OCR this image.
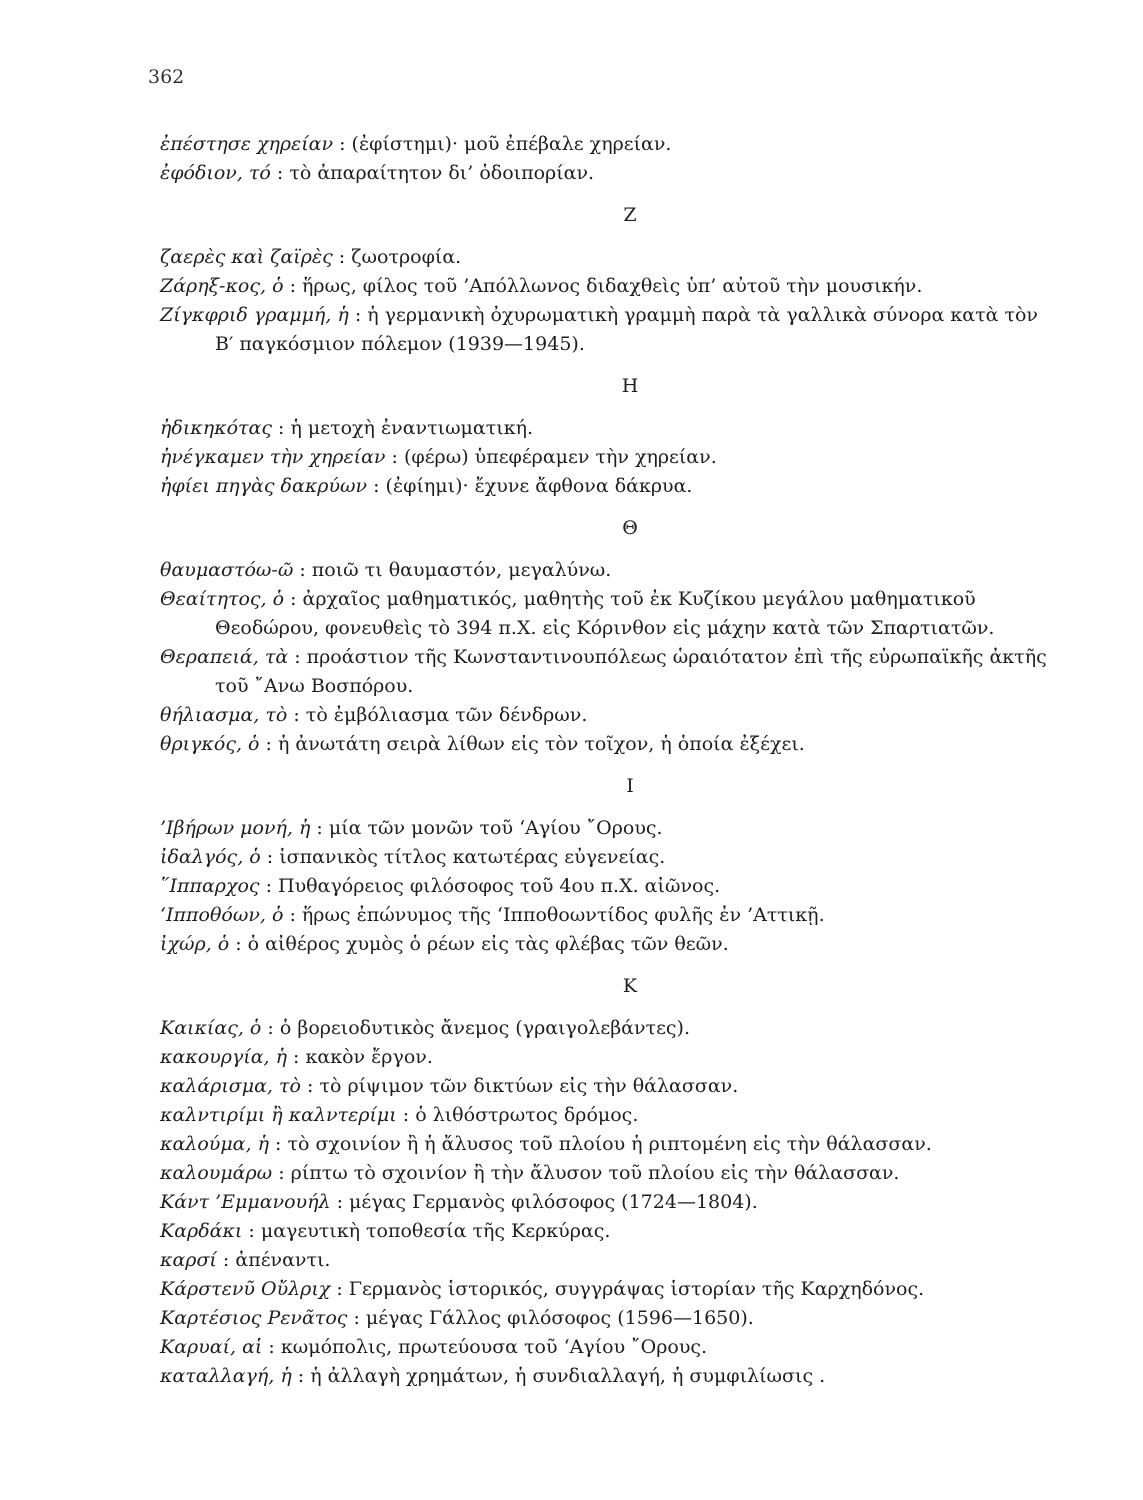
362
ἐπέστησε χηρείαν : (ἐφίστημι)· μοῦ ἐπέβαλε χηρείαν.
ἐφόδιον, τό : τὸ ἀπαραίτητον δι’ ὁδοιπορίαν.
Ζ
ζαερὲς καὶ ζαϊρὲς : ζωοτροφία.
Ζάρηξ-κος, ὁ : ἥρως, φίλος τοῦ ’Απόλλωνος διδαχθεὶς ὑπ’ αὐτοῦ τὴν μουσικήν.
Ζίγκφριδ γραμμή, ἡ : ἡ γερμανικὴ ὀχυρωματικὴ γραμμὴ παρὰ τὰ γαλλικὰ σύνορα κατὰ τὸν Β′ παγκόσμιον πόλεμον (1939—1945).
Η
ἠδικηκότας : ἡ μετοχὴ ἐναντιωματική.
ἠνέγκαμεν τὴν χηρείαν : (φέρω) ὑπεφέραμεν τὴν χηρείαν.
ἠφίει πηγὰς δακρύων : (ἐφίημι)· ἔχυνε ἄφθονα δάκρυα.
Θ
θαυμαστόω-ῶ : ποιῶ τι θαυμαστόν, μεγαλύνω.
Θεαίτητος, ὁ : ἀρχαῖος μαθηματικός, μαθητὴς τοῦ ἐκ Κυζίκου μεγάλου μαθηματικοῦ Θεοδώρου, φονευθεὶς τὸ 394 π.Χ. εἰς Κόρινθον εἰς μάχην κατὰ τῶν Σπαρτιατῶν.
Θεραπειά, τὰ : προάστιον τῆς Κωνσταντινουπόλεως ὡραιότατον ἐπὶ τῆς εὐρωπαϊκῆς ἀκτῆς τοῦ ῎Ανω Βοσπόρου.
θήλιασμα, τὸ : τὸ ἐμβόλιασμα τῶν δένδρων.
θριγκός, ὁ : ἡ ἀνωτάτη σειρὰ λίθων εἰς τὸν τοῖχον, ἡ ὁποία ἐξέχει.
Ι
’Ιβήρων μονή, ἡ : μία τῶν μονῶν τοῦ ‘Αγίου ῎Ορους.
ἰδαλγός, ὁ : ἱσπανικὸς τίτλος κατωτέρας εὐγενείας.
῞Ιππαρχος : Πυθαγόρειος φιλόσοφος τοῦ 4ου π.Χ. αἰῶνος.
‘Ιπποθόων, ὁ : ἥρως ἐπώνυμος τῆς ‘Ιπποθοωντίδος φυλῆς ἐν ’Αττικῇ.
ἰχώρ, ὁ : ὁ αἰθέρος χυμὸς ὁ ρέων εἰς τὰς φλέβας τῶν θεῶν.
Κ
Καικίας, ὁ : ὁ βορειοδυτικὸς ἄνεμος (γραιγολεβάντες).
κακουργία, ἡ : κακὸν ἔργον.
καλάρισμα, τὸ : τὸ ρίψιμον τῶν δικτύων εἰς τὴν θάλασσαν.
καλντιρίμι ἢ καλντερίμι : ὁ λιθόστρωτος δρόμος.
καλούμα, ἡ : τὸ σχοινίον ἢ ἡ ἄλυσος τοῦ πλοίου ἡ ριπτομένη εἰς τὴν θάλασσαν.
καλουμάρω : ρίπτω τὸ σχοινίον ἢ τὴν ἄλυσον τοῦ πλοίου εἰς τὴν θάλασσαν.
Κάντ ’Εμμανουήλ : μέγας Γερμανὸς φιλόσοφος (1724—1804).
Καρδάκι : μαγευτικὴ τοποθεσία τῆς Κερκύρας.
καρσί : ἀπέναντι.
Κάρστενῦ Οὔλριχ : Γερμανὸς ἱστορικός, συγγράψας ἱστορίαν τῆς Καρχηδόνος.
Καρτέσιος Ρενᾶτος : μέγας Γάλλος φιλόσοφος (1596—1650).
Καρυαί, αἱ : κωμόπολις, πρωτεύουσα τοῦ ‘Αγίου ῎Ορους.
καταλλαγή, ἡ : ἡ ἀλλαγὴ χρημάτων, ἡ συνδιαλλαγή, ἡ συμφιλίωσις .
